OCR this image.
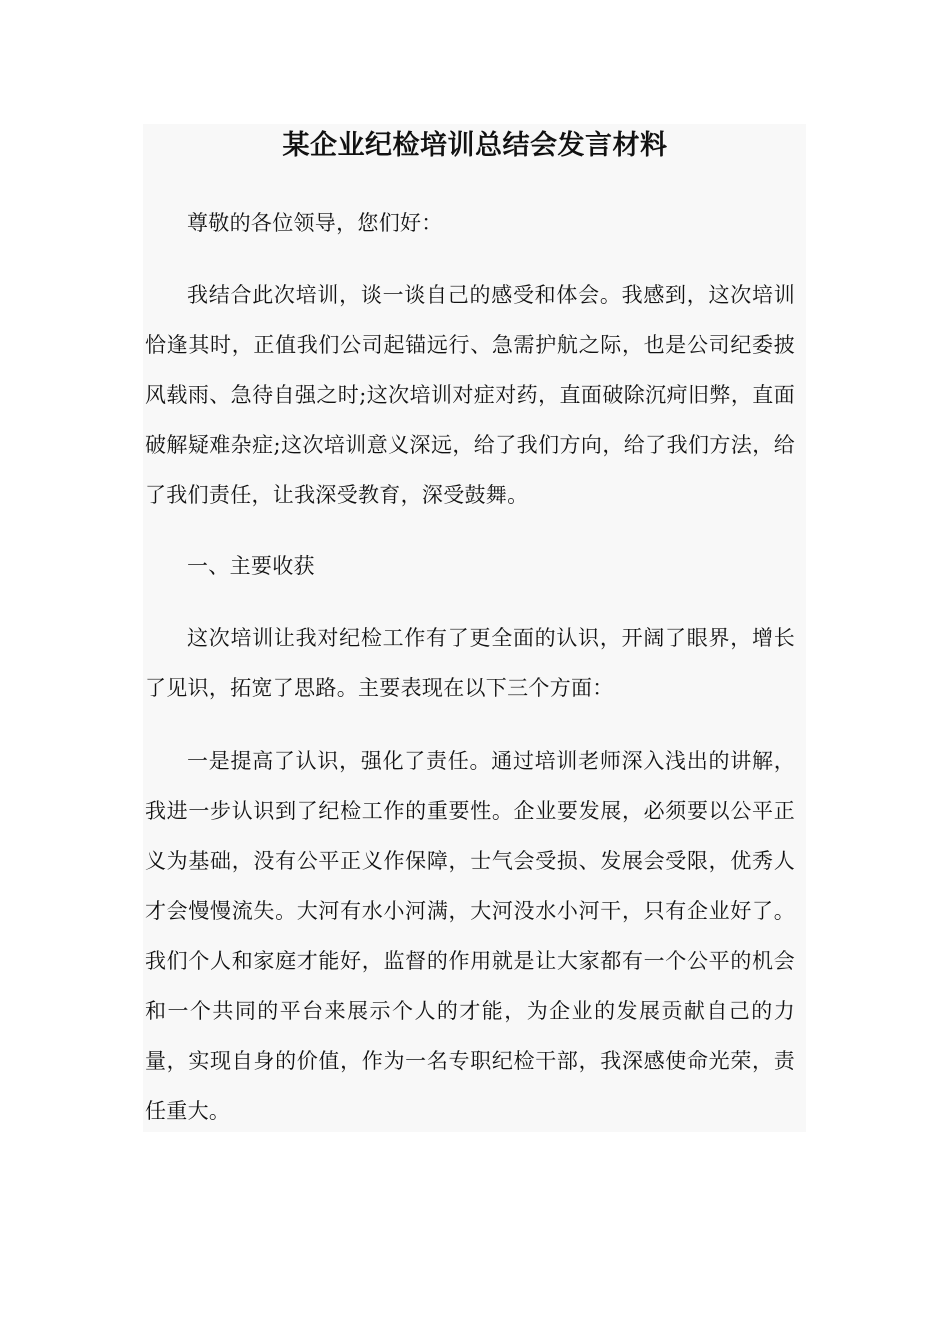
某企业纪检培训总结会发言材料

尊敬的各位领导，您们好：

我结合此次培训，谈一谈自己的感受和体会。我感到，这次培训恰逢其时，正值我们公司起锚远行、急需护航之际，也是公司纪委披风载雨、急待自强之时;这次培训对症对药，直面破除沉疴旧弊，直面破解疑难杂症;这次培训意义深远，给了我们方向，给了我们方法，给了我们责任，让我深受教育，深受鼓舞。

一、主要收获

这次培训让我对纪检工作有了更全面的认识，开阔了眼界，增长了见识，拓宽了思路。主要表现在以下三个方面：

一是提高了认识，强化了责任。通过培训老师深入浅出的讲解，我进一步认识到了纪检工作的重要性。企业要发展，必须要以公平正义为基础，没有公平正义作保障，士气会受损、发展会受限，优秀人才会慢慢流失。大河有水小河满，大河没水小河干，只有企业好了。我们个人和家庭才能好，监督的作用就是让大家都有一个公平的机会和一个共同的平台来展示个人的才能，为企业的发展贡献自己的力量，实现自身的价值，作为一名专职纪检干部，我深感使命光荣，责任重大。
